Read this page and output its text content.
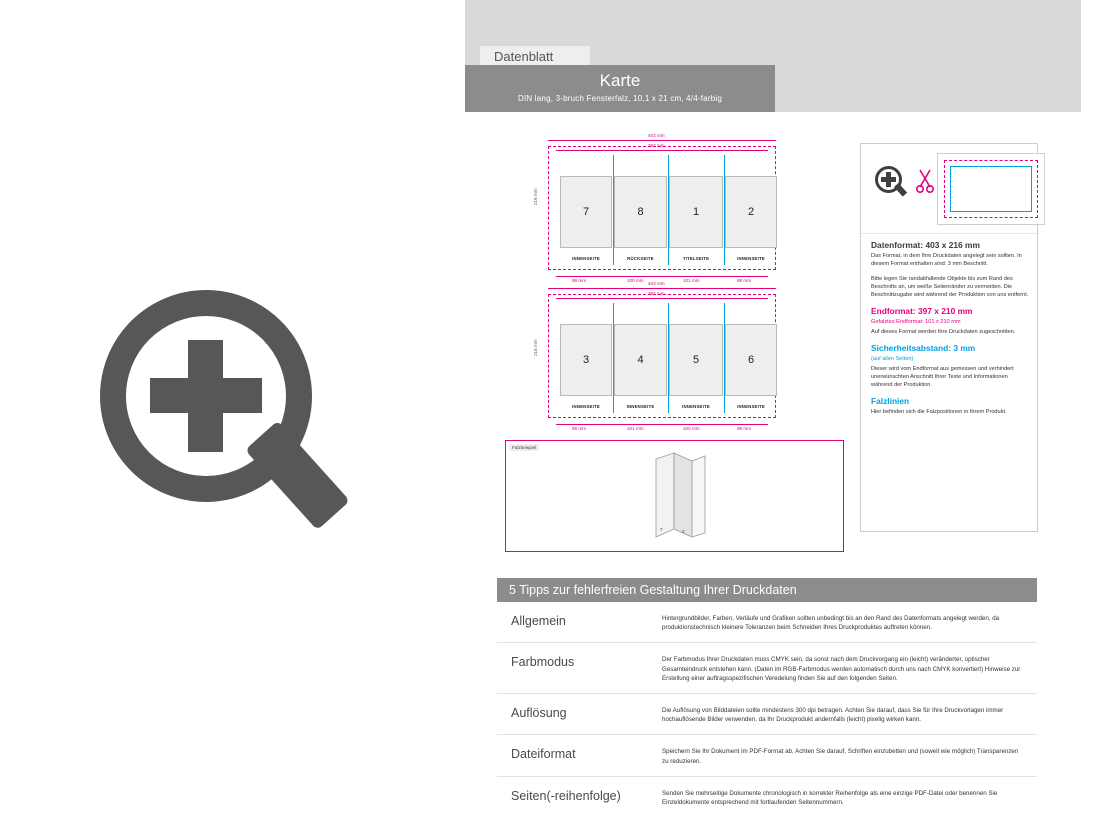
Datenblatt
Karte
DIN lang, 3-bruch Fensterfalz, 10,1 x 21 cm, 4/4-farbig
403 mm
397 mm
216 mm
7	8	1	2
INNENSEITE	RÜCKSEITE	TITELSEITE	INNENSEITE
98 mm	100 mm	101 mm	98 mm
403 mm
397 mm
216 mm
3	4	5	6
INNENSEITE	INNENSEITE	INNENSEITE	INNENSEITE
98 mm	101 mm	100 mm	98 mm
Falzbeispiel
7	2

Datenformat: 403 x 216 mm

Das Format, in dem Ihre Druckdaten angelegt sein sollten. In diesem Format enthalten sind: 3 mm Beschnitt.

Bitte legen Sie randabfallende Objekte bis zum Rand des Beschnitts an, um weiße Seitenränder zu vermeiden. Die Beschnittzugabe wird während der Produktion von uns entfernt.

Endformat: 397 x 210 mm

Gefalztes Endformat: 101 x 210 mm

Auf dieses Format werden Ihre Druckdaten zugeschnitten.

Sicherheitsabstand: 3 mm

(auf allen Seiten)

Dieser wird vom Endformat aus gemessen und verhindert unerwünschten Anschnitt Ihrer Texte und Informationen während der Produktion.

Falzlinien

Hier befinden sich die Falzpositionen in Ihrem Produkt.

5 Tipps zur fehlerfreien Gestaltung Ihrer Druckdaten
Allgemein	Hintergrundbilder, Farben, Verläufe und Grafiken sollten unbedingt bis an den Rand des Datenformats angelegt werden, da produktionstechnisch kleinere Toleranzen beim Schneiden Ihres Druckproduktes auftreten können.
Farbmodus	Der Farbmodus Ihrer Druckdaten muss CMYK sein, da sonst nach dem Druckvorgang ein (leicht) veränderter, optischer Gesamteindruck entstehen kann. (Daten im RGB-Farbmodus werden automatisch durch uns nach CMYK konvertiert) Hinweise zur Erstellung einer auftragsspezifischen Veredelung finden Sie auf den folgenden Seiten.
Auflösung	Die Auflösung von Bilddateien sollte mindestens 300 dpi betragen. Achten Sie darauf, dass Sie für Ihre Druckvorlagen immer hochauflösende Bilder verwenden, da Ihr Druckprodukt andernfalls (leicht) pixelig wirken kann.
Dateiformat	Speichern Sie Ihr Dokument im PDF-Format ab. Achten Sie darauf, Schriften einzubetten und (soweit wie möglich) Transparenzen zu reduzieren.
Seiten(-reihenfolge)	Senden Sie mehrseitige Dokumente chronologisch in korrekter Reihenfolge als eine einzige PDF-Datei oder benennen Sie Einzeldokumente entsprechend mit fortlaufenden Seitennummern.
